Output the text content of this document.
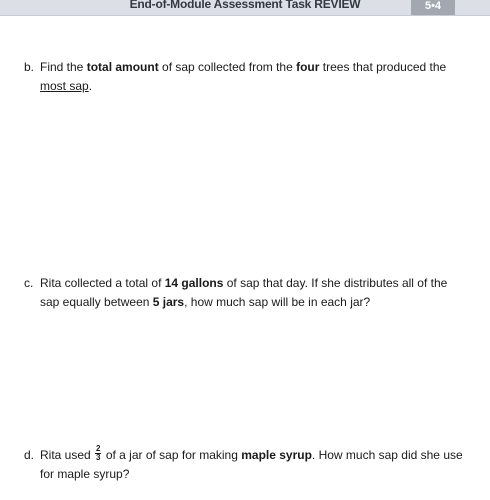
End-of-Module Assessment Task REVIEW	5•4
b. Find the total amount of sap collected from the four trees that produced the most sap.
c. Rita collected a total of 14 gallons of sap that day. If she distributes all of the sap equally between 5 jars, how much sap will be in each jar?
d. Rita used $\frac{2}{3}$ of a jar of sap for making maple syrup. How much sap did she use for maple syrup?
